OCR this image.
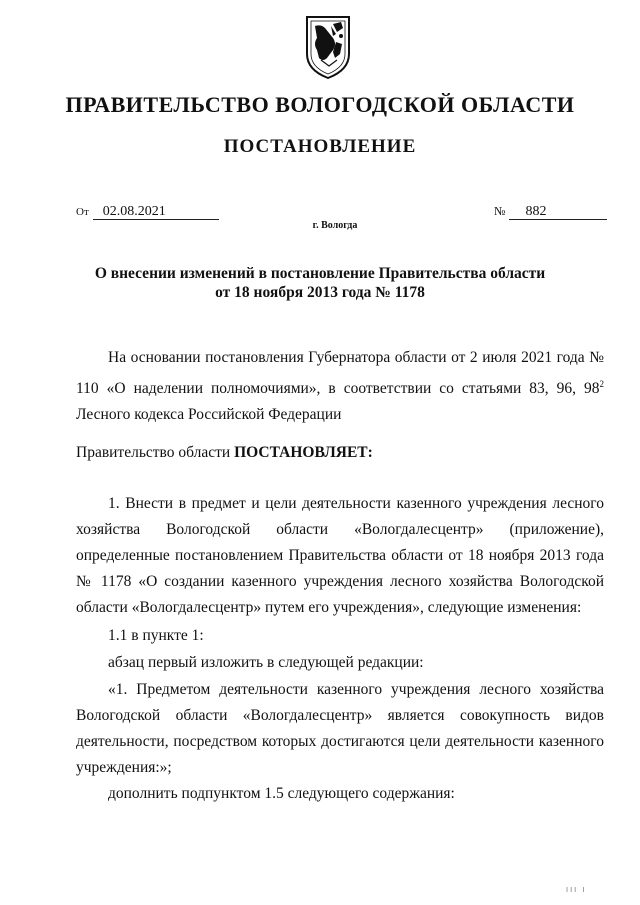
ПРАВИТЕЛЬСТВО ВОЛОГОДСКОЙ ОБЛАСТИ
ПОСТАНОВЛЕНИЕ
От 02.08.2021	№ 882
г. Вологда
О внесении изменений в постановление Правительства области
от 18 ноября 2013 года № 1178
На основании постановления Губернатора области от 2 июля 2021 года № 110 «О наделении полномочиями», в соответствии со статьями 83, 96, $98^2$ Лесного кодекса Российской Федерации
Правительство области ПОСТАНОВЛЯЕТ:
1. Внести в предмет и цели деятельности казенного учреждения лесного хозяйства Вологодской области «Вологдалесцентр» (приложение), определенные постановлением Правительства области от 18 ноября 2013 года № 1178 «О создании казенного учреждения лесного хозяйства Вологодской области «Вологдалесцентр» путем его учреждения», следующие изменения:
1.1 в пункте 1:
абзац первый изложить в следующей редакции:
«1. Предметом деятельности казенного учреждения лесного хозяйства Вологодской области «Вологдалесцентр» является совокупность видов деятельности, посредством которых достигаются цели деятельности казенного учреждения:»;
дополнить подпунктом 1.5 следующего содержания:
III I
